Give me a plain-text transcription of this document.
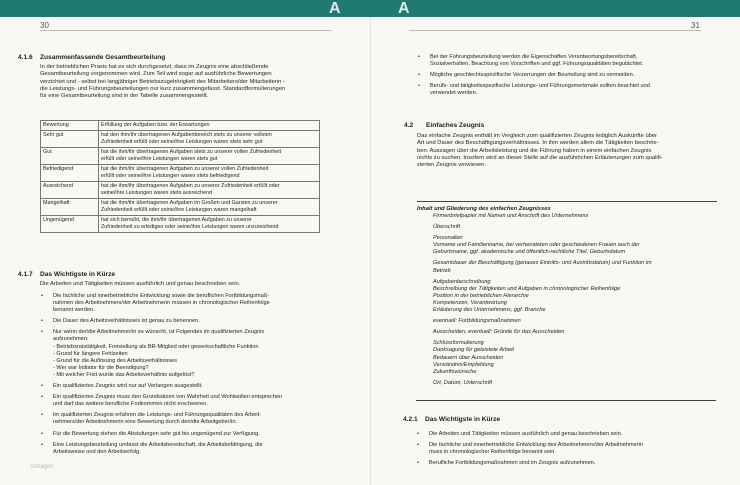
A	A
30
4.1.6 Zusammenfassende Gesamtbeurteilung
In der betrieblichen Praxis hat es sich durchgesetzt, dass im Zeugnis eine abschließende
Gesamtbeurteilung vorgenommen wird. Zum Teil wird sogar auf ausführliche Bewertungen
verzichtet und - selbst bei langjähriger Betriebszugehörigkeit des Mitarbeiters/der Mitarbeiterin -
die Leistungs- und Führungsbeurteilungen nur kurz zusammengefasst. Standardformulierungen
für eine Gesamtbeurteilung sind in der Tabelle zusammengestellt.
Bewertung	Erfüllung der Aufgaben bzw. der Erwartungen
Sehr gut	hat den ihm/ihr übertragenen Aufgabenbereich stets zu unserer vollsten
Zufriedenheit erfüllt oder seine/ihre Leistungen waren stets sehr gut

Gut	hat die ihm/ihr übertragenen Aufgaben stets zu unserer vollen Zufriedenheit
erfüllt oder seine/ihre Leistungen waren stets gut

Befriedigend	hat die ihm/ihr übertragenen Aufgaben zu unserer vollen Zufriedenheit
erfüllt oder seine/ihre Leistungen waren stets befriedigend

Ausreichend	hat die ihm/ihr übertragenen Aufgaben zu unserer Zufriedenheit erfüllt oder
seine/ihre Leistungen waren stets ausreichend

Mangelhaft	hat die ihm/ihr übertragenen Aufgaben im Großen und Ganzen zu unserer
Zufriedenheit erfüllt oder seine/ihre Leistungen waren mangelhaft

Ungenügend	hat sich bemüht, die ihm/ihr übertragenen Aufgaben zu unserer
Zufriedenheit zu erledigen oder seine/ihre Leistungen waren unzureichend
4.1.7 Das Wichtigste in Kürze
Die Arbeiten und Tätigkeiten müssen ausführlich und genau beschrieben sein.
• Die fachliche und innerbetriebliche Entwicklung sowie die beruflichen Fortbildungsmaß-
nahmen des Arbeitnehmers/der Arbeitnehmerin müssen in chronologischer Reihenfolge
benannt werden.
• Die Dauer des Arbeitsverhältnisses ist genau zu benennen.
• Nur wenn der/die Arbeitnehmer/in es wünscht, ist Folgendes im qualifizierten Zeugnis
aufzunehmen:
- Betriebsratstätigkeit, Freistellung als BR-Mitglied oder gewerkschaftliche Funktion
- Grund für längere Fehlzeiten
- Grund für die Auflösung des Arbeitsverhältnisses
- Wer war Initiator für die Beendigung?
- Mit welcher Frist wurde das Arbeitsverhältnis aufgelöst?
• Ein qualifiziertes Zeugnis wird nur auf Verlangen ausgestellt.
• Ein qualifiziertes Zeugnis muss den Grundsätzen von Wahrheit und Wohlwollen entsprechen
und darf das weitere berufliche Fortkommen nicht erschweren.
• Im qualifizierten Zeugnis erfahren die Leistungs- und Führungsqualitäten des Arbeit-
nehmers/der Arbeitnehmerin eine Bewertung durch den/die Arbeitgeber/in.
• Für die Bewertung stehen die Abstufungen sehr gut bis ungenügend zur Verfügung.
• Eine Leistungsbeurteilung umfasst die Arbeitsbereitschaft, die Arbeitsbefähigung, die
Arbeitsweise und den Arbeitserfolg.
Vorlagen
31
• Bei der Führungsbeurteilung werden die Eigenschaften Verantwortungsbereitschaft,
Sozialverhalten, Beachtung von Vorschriften und ggf. Führungsqualitäten begutächtet.
• Mögliche geschlechtsspezifische Verzerrungen der Beurteilung sind zu vermeiden.
• Berufs- und tätigkeitsspezifische Leistungs- und Führungsmerkmale sollten beachtet und
verwendet werden.
4.2 Einfaches Zeugnis
Das einfache Zeugnis enthält im Vergleich zum qualifizierten Zeugnis lediglich Auskünfte über
Art und Dauer des Beschäftigungsverhältnisses. In ihm werden allein die Tätigkeiten beschrie-
ben. Aussagen über die Arbeitsleistung und die Führung haben in einem einfachen Zeugnis
nichts zu suchen. Insofern wird an dieser Stelle auf die ausführlichen Erläuterungen zum qualifi-
zierten Zeugnis verwiesen.
Inhalt und Gliederung des einfachen Zeugnisses
Firmenbriefpapier mit Namen und Anschrift des Unternehmens
Überschrift
Personalien
Vorname und Familienname, bei verheirateten oder geschiedenen Frauen auch der
Geburtsname, ggf. akademische und öffentlich-rechtliche Titel, Geburtsdatum
Gesamtdauer der Beschäftigung (genaues Eintritts- und Austrittsdatum) und Funktion im
Betrieb
Aufgabenbeschreibung
Beschreibung der Tätigkeiten und Aufgaben in chronologischer Reihenfolge
Position in der betrieblichen Hierarchie
Kompetenzen, Verantwortung
Erläuterung des Unternehmens, ggf. Branche
eventuell: Fortbildungsmaßnahmen
Ausscheiden, eventuell: Gründe für das Ausscheiden
Schlussformulierung
Danksagung für geleistete Arbeit
Bedauern über Ausscheiden
Verständnis/Empfehlung
Zukunftswünsche
Ort, Datum, Unterschrift
4.2.1 Das Wichtigste in Kürze
• Die Arbeiten und Tätigkeiten müssen ausführlich und genau beschrieben sein.
• Die fachliche und innerbetriebliche Entwicklung des Arbeitnehmers/der Arbeitnehmerin
muss in chronologischer Reihenfolge benannt sein.
• Berufliche Fortbildungsmaßnahmen sind im Zeugnis aufzunehmen.
